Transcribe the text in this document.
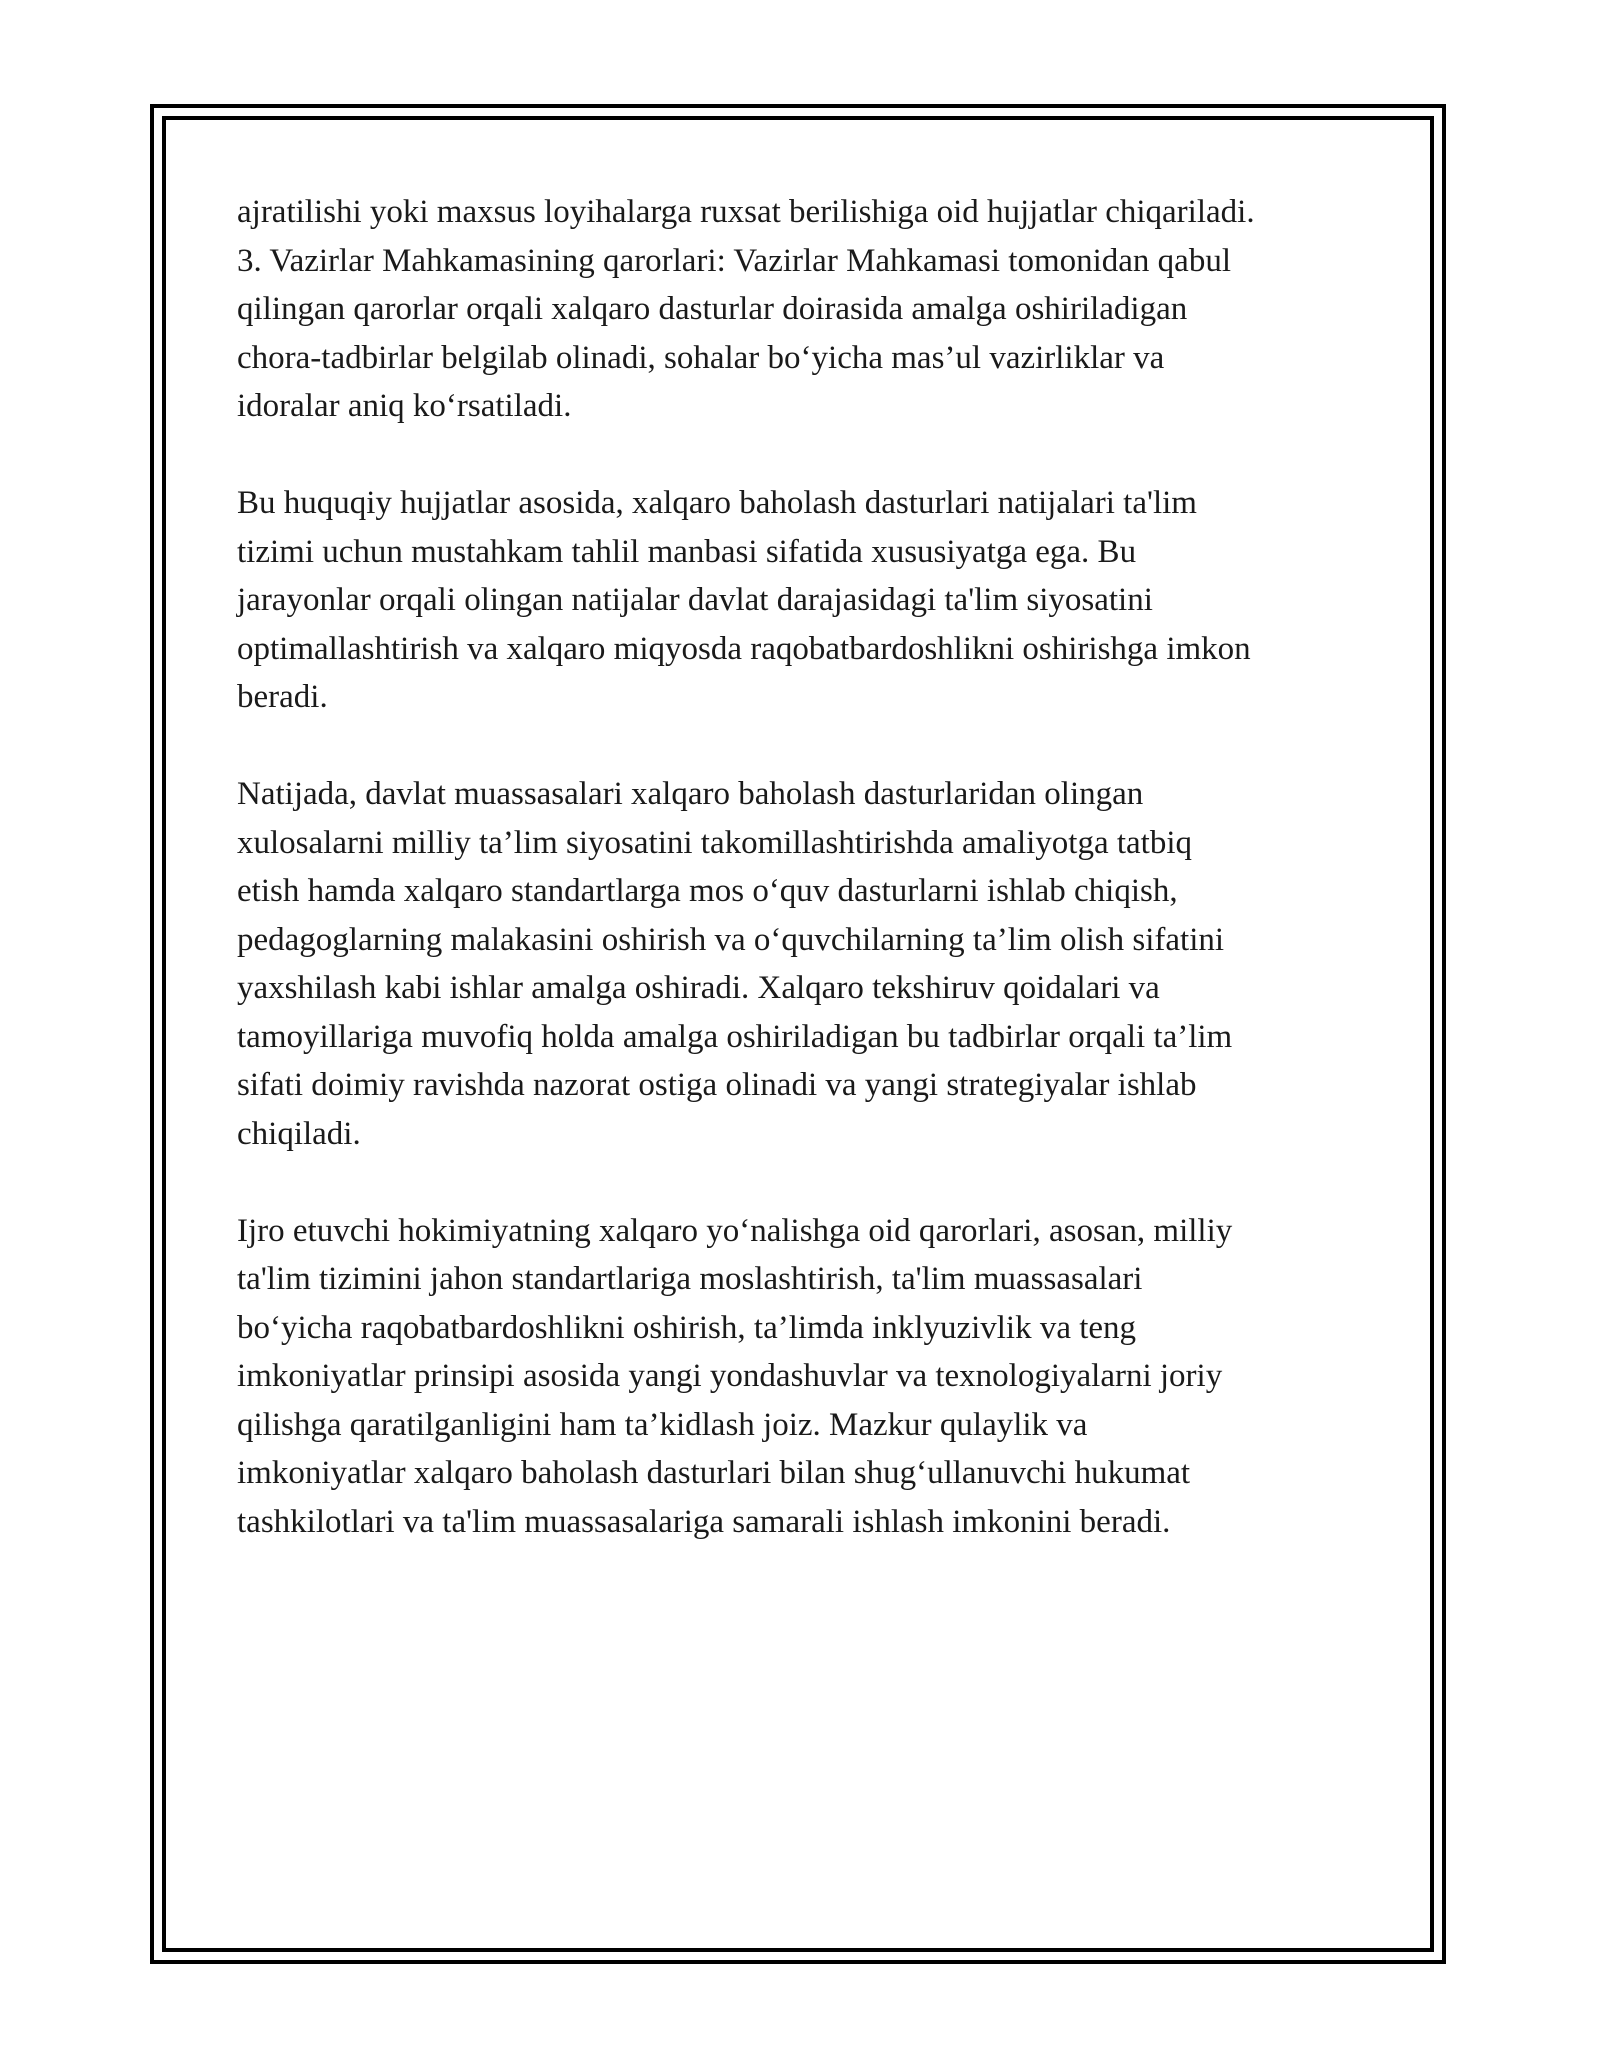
ajratilishi yoki maxsus loyihalarga ruxsat berilishiga oid hujjatlar chiqariladi.
3. Vazirlar Mahkamasining qarorlari: Vazirlar Mahkamasi tomonidan qabul
qilingan qarorlar orqali xalqaro dasturlar doirasida amalga oshiriladigan
chora-tadbirlar belgilab olinadi, sohalar bo‘yicha mas’ul vazirliklar va
idoralar aniq ko‘rsatiladi.

Bu huquqiy hujjatlar asosida, xalqaro baholash dasturlari natijalari ta'lim
tizimi uchun mustahkam tahlil manbasi sifatida xususiyatga ega. Bu
jarayonlar orqali olingan natijalar davlat darajasidagi ta'lim siyosatini
optimallashtirish va xalqaro miqyosda raqobatbardoshlikni oshirishga imkon
beradi.

Natijada, davlat muassasalari xalqaro baholash dasturlaridan olingan
xulosalarni milliy ta’lim siyosatini takomillashtirishda amaliyotga tatbiq
etish hamda xalqaro standartlarga mos o‘quv dasturlarni ishlab chiqish,
pedagoglarning malakasini oshirish va o‘quvchilarning ta’lim olish sifatini
yaxshilash kabi ishlar amalga oshiradi. Xalqaro tekshiruv qoidalari va
tamoyillariga muvofiq holda amalga oshiriladigan bu tadbirlar orqali ta’lim
sifati doimiy ravishda nazorat ostiga olinadi va yangi strategiyalar ishlab
chiqiladi.

Ijro etuvchi hokimiyatning xalqaro yo‘nalishga oid qarorlari, asosan, milliy
ta'lim tizimini jahon standartlariga moslashtirish, ta'lim muassasalari
bo‘yicha raqobatbardoshlikni oshirish, ta’limda inklyuzivlik va teng
imkoniyatlar prinsipi asosida yangi yondashuvlar va texnologiyalarni joriy
qilishga qaratilganligini ham ta’kidlash joiz. Mazkur qulaylik va
imkoniyatlar xalqaro baholash dasturlari bilan shug‘ullanuvchi hukumat
tashkilotlari va ta'lim muassasalariga samarali ishlash imkonini beradi.
